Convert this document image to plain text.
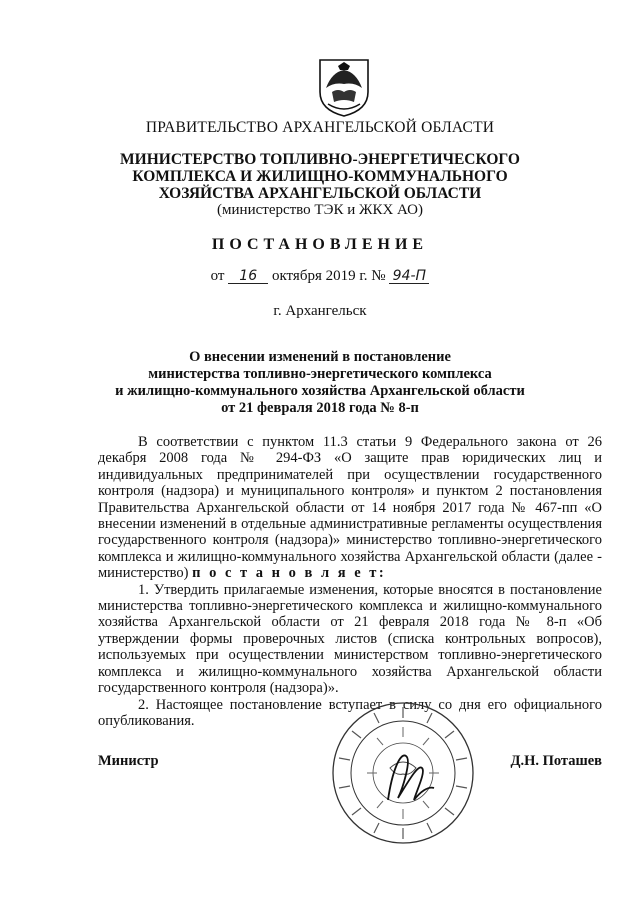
ПРАВИТЕЛЬСТВО АРХАНГЕЛЬСКОЙ ОБЛАСТИ
МИНИСТЕРСТВО ТОПЛИВНО-ЭНЕРГЕТИЧЕСКОГО
КОМПЛЕКСА И ЖИЛИЩНО-КОММУНАЛЬНОГО
ХОЗЯЙСТВА АРХАНГЕЛЬСКОЙ ОБЛАСТИ
(министерство ТЭК и ЖКХ АО)
ПОСТАНОВЛЕНИЕ
от 16 октября 2019 г. № 94-П
г. Архангельск
О внесении изменений в постановление
министерства топливно-энергетического комплекса
и жилищно-коммунального хозяйства Архангельской области
от 21 февраля 2018 года № 8-п
В соответствии с пунктом 11.3 статьи 9 Федерального закона от 26 декабря 2008 года № 294-ФЗ «О защите прав юридических лиц и индивидуальных предпринимателей при осуществлении государственного контроля (надзора) и муниципального контроля» и пунктом 2 постановления Правительства Архангельской области от 14 ноября 2017 года № 467-пп «О внесении изменений в отдельные административные регламенты осуществления государственного контроля (надзора)» министерство топливно-энергетического комплекса и жилищно-коммунального хозяйства Архангельской области (далее - министерство) п о с т а н о в л я е т:
1. Утвердить прилагаемые изменения, которые вносятся в постановление министерства топливно-энергетического комплекса и жилищно-коммунального хозяйства Архангельской области от 21 февраля 2018 года № 8-п «Об утверждении формы проверочных листов (списка контрольных вопросов), используемых при осуществлении министерством топливно-энергетического комплекса и жилищно-коммунального хозяйства Архангельской области государственного контроля (надзора)».
2. Настоящее постановление вступает в силу со дня его официального опубликования.
Министр	Д.Н. Поташев
